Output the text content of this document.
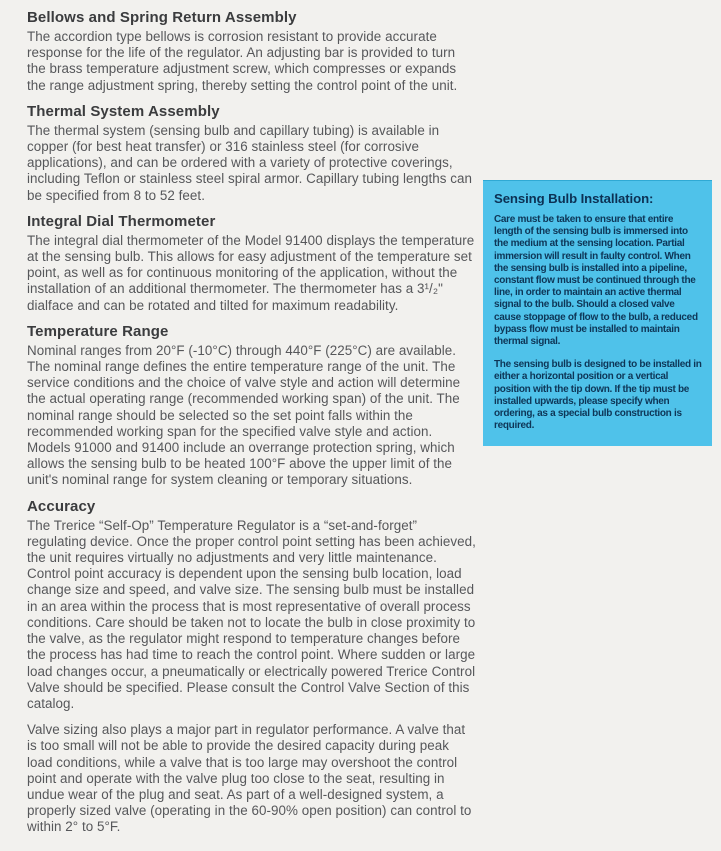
Bellows and Spring Return Assembly

The accordion type bellows is corrosion resistant to provide accurate response for the life of the regulator. An adjusting bar is provided to turn the brass temperature adjustment screw, which compresses or expands the range adjustment spring, thereby setting the control point of the unit.

Thermal System Assembly

The thermal system (sensing bulb and capillary tubing) is available in copper (for best heat transfer) or 316 stainless steel (for corrosive applications), and can be ordered with a variety of protective coverings, including Teflon or stainless steel spiral armor. Capillary tubing lengths can be specified from 8 to 52 feet.

Integral Dial Thermometer

The integral dial thermometer of the Model 91400 displays the temperature at the sensing bulb. This allows for easy adjustment of the temperature set point, as well as for continuous monitoring of the application, without the installation of an additional thermometer. The thermometer has a 3¹/₂" dialface and can be rotated and tilted for maximum readability.

Temperature Range

Nominal ranges from 20°F (-10°C) through 440°F (225°C) are available. The nominal range defines the entire temperature range of the unit. The service conditions and the choice of valve style and action will determine the actual operating range (recommended working span) of the unit. The nominal range should be selected so the set point falls within the recommended working span for the specified valve style and action. Models 91000 and 91400 include an overrange protection spring, which allows the sensing bulb to be heated 100°F above the upper limit of the unit's nominal range for system cleaning or temporary situations.

Accuracy

The Trerice “Self-Op” Temperature Regulator is a “set-and-forget” regulating device. Once the proper control point setting has been achieved, the unit requires virtually no adjustments and very little maintenance. Control point accuracy is dependent upon the sensing bulb location, load change size and speed, and valve size. The sensing bulb must be installed in an area within the process that is most representative of overall process conditions. Care should be taken not to locate the bulb in close proximity to the valve, as the regulator might respond to temperature changes before the process has had time to reach the control point. Where sudden or large load changes occur, a pneumatically or electrically powered Trerice Control Valve should be specified. Please consult the Control Valve Section of this catalog.

Valve sizing also plays a major part in regulator performance. A valve that is too small will not be able to provide the desired capacity during peak load conditions, while a valve that is too large may overshoot the control point and operate with the valve plug too close to the seat, resulting in undue wear of the plug and seat. As part of a well-designed system, a properly sized valve (operating in the 60-90% open position) can control to within 2° to 5°F.

Sensing Bulb Installation:

Care must be taken to ensure that entire length of the sensing bulb is immersed into the medium at the sensing location. Partial immersion will result in faulty control. When the sensing bulb is installed into a pipeline, constant flow must be continued through the line, in order to maintain an active thermal signal to the bulb. Should a closed valve cause stoppage of flow to the bulb, a reduced bypass flow must be installed to maintain thermal signal.

The sensing bulb is designed to be installed in either a horizontal position or a vertical position with the tip down. If the tip must be installed upwards, please specify when ordering, as a special bulb construction is required.
